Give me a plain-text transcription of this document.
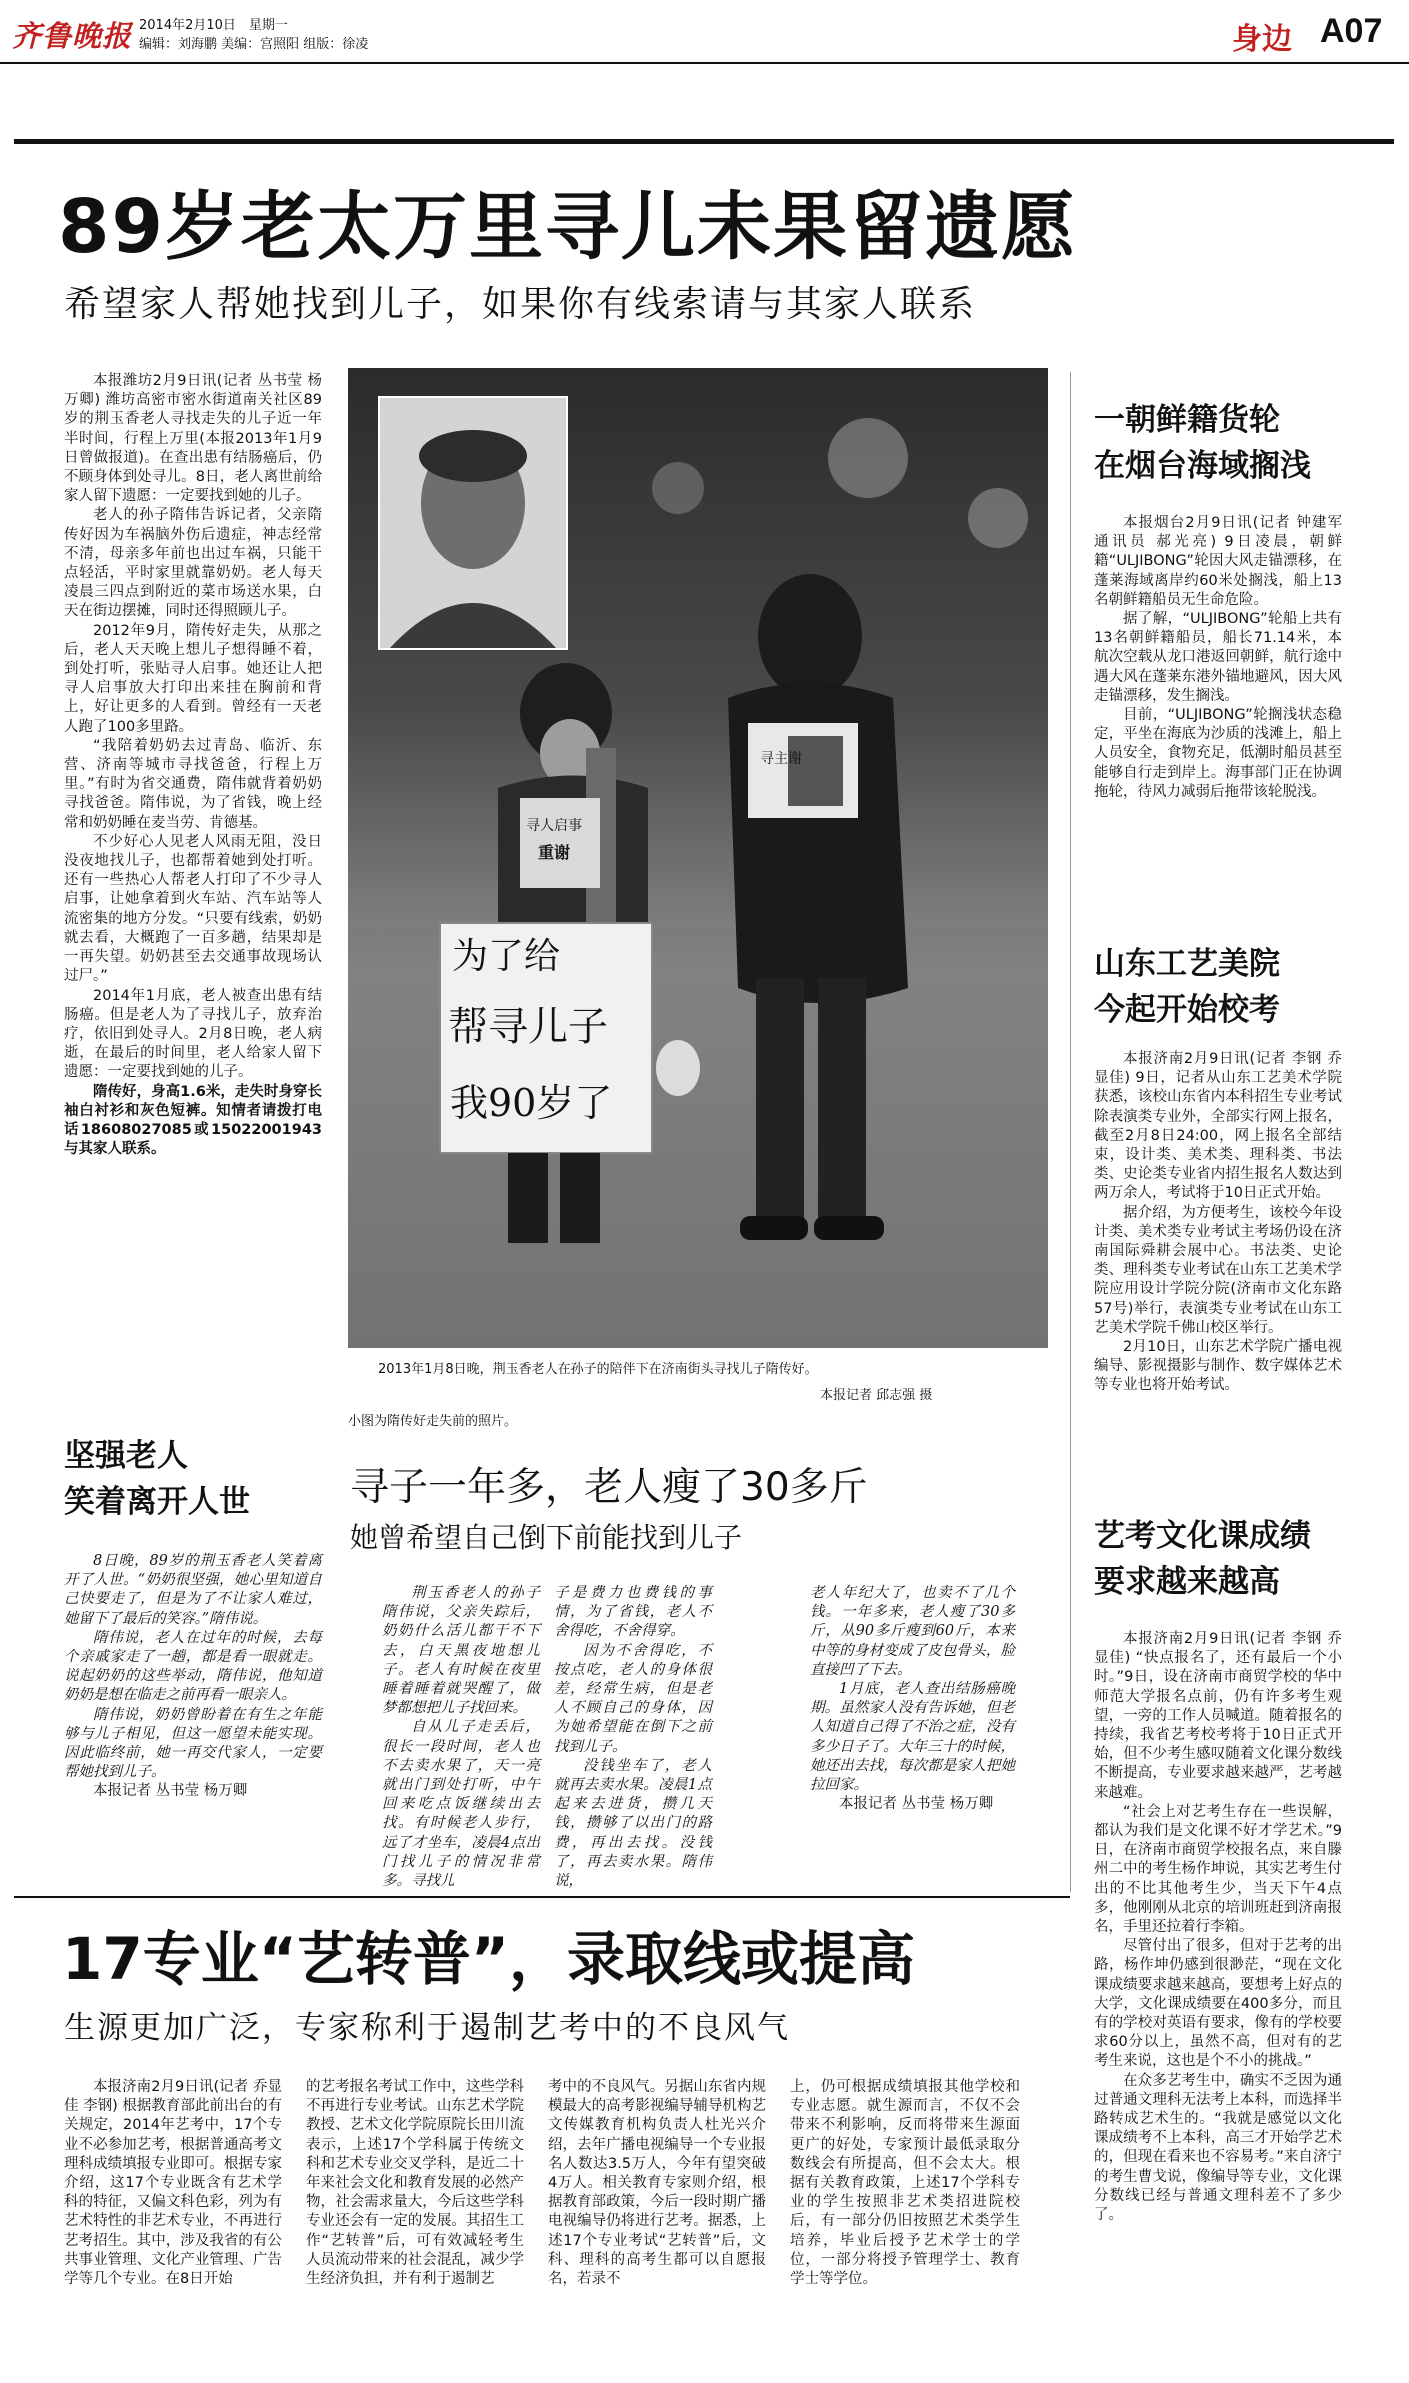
齐鲁晚报 2014年2月10日　 星期一
编辑：刘海鹏 美编：宫照阳 组版：徐凌	身边 A07
89岁老太万里寻儿未果留遗愿
希望家人帮她找到儿子，如果你有线索请与其家人联系

本报潍坊2月9日讯(记者 丛书莹 杨万卿) 潍坊高密市密水街道南关社区89岁的荆玉香老人寻找走失的儿子近一年半时间，行程上万里(本报2013年1月9日曾做报道)。在查出患有结肠癌后，仍不顾身体到处寻儿。8日，老人离世前给家人留下遗愿：一定要找到她的儿子。

老人的孙子隋伟告诉记者，父亲隋传好因为车祸脑外伤后遗症，神志经常不清，母亲多年前也出过车祸，只能干点轻活，平时家里就靠奶奶。老人每天凌晨三四点到附近的菜市场送水果，白天在街边摆摊，同时还得照顾儿子。

2012年9月，隋传好走失，从那之后，老人天天晚上想儿子想得睡不着，到处打听，张贴寻人启事。她还让人把寻人启事放大打印出来挂在胸前和背上，好让更多的人看到。曾经有一天老人跑了100多里路。

“我陪着奶奶去过青岛、临沂、东营、济南等城市寻找爸爸，行程上万里。”有时为省交通费，隋伟就背着奶奶寻找爸爸。隋伟说，为了省钱，晚上经常和奶奶睡在麦当劳、肯德基。

不少好心人见老人风雨无阻，没日没夜地找儿子，也都帮着她到处打听。还有一些热心人帮老人打印了不少寻人启事，让她拿着到火车站、汽车站等人流密集的地方分发。“只要有线索，奶奶就去看，大概跑了一百多趟，结果却是一再失望。奶奶甚至去交通事故现场认过尸。”

2014年1月底，老人被查出患有结肠癌。但是老人为了寻找儿子，放弃治疗，依旧到处寻人。2月8日晚，老人病逝，在最后的时间里，老人给家人留下遗愿：一定要找到她的儿子。

隋传好，身高1.6米，走失时身穿长袖白衬衫和灰色短裤。知情者请拨打电话18608027085或15022001943与其家人联系。

寻主谢
寻人启事
重谢
为了给
帮寻儿子
我90岁了
2013年1月8日晚，荆玉香老人在孙子的陪伴下在济南街头寻找儿子隋传好。
本报记者 邱志强 摄
小图为隋传好走失前的照片。
坚强老人
笑着离开人世

8日晚，89岁的荆玉香老人笑着离开了人世。“奶奶很坚强，她心里知道自己快要走了，但是为了不让家人难过，她留下了最后的笑容。”隋伟说。

隋伟说，老人在过年的时候，去每个亲戚家走了一趟，都是看一眼就走。说起奶奶的这些举动，隋伟说，他知道奶奶是想在临走之前再看一眼亲人。

隋伟说，奶奶曾盼着在有生之年能够与儿子相见，但这一愿望未能实现。因此临终前，她一再交代家人，一定要帮她找到儿子。

本报记者 丛书莹 杨万卿

寻子一年多，老人瘦了30多斤
她曾希望自己倒下前能找到儿子

荆玉香老人的孙子隋伟说，父亲失踪后，奶奶什么活儿都干不下去，白天黑夜地想儿子。老人有时候在夜里睡着睡着就哭醒了，做梦都想把儿子找回来。

自从儿子走丢后，很长一段时间，老人也不去卖水果了，天一亮就出门到处打听，中午回来吃点饭继续出去找。有时候老人步行，远了才坐车，凌晨4点出门找儿子的情况非常多。寻找儿

子是费力也费钱的事情，为了省钱，老人不舍得吃，不舍得穿。

因为不舍得吃，不按点吃，老人的身体很差，经常生病，但是老人不顾自己的身体，因为她希望能在倒下之前找到儿子。

没钱坐车了，老人就再去卖水果。凌晨1点起来去进货，攒几天钱，攒够了以出门的路费，再出去找。没钱了，再去卖水果。隋伟说，

老人年纪大了，也卖不了几个钱。一年多来，老人瘦了30多斤，从90多斤瘦到60斤，本来中等的身材变成了皮包骨头，脸直接凹了下去。

1月底，老人查出结肠癌晚期。虽然家人没有告诉她，但老人知道自己得了不治之症，没有多少日子了。大年三十的时候，她还出去找，每次都是家人把她拉回家。

本报记者 丛书莹 杨万卿

一朝鲜籍货轮
在烟台海域搁浅

本报烟台2月9日讯(记者 钟建军 通讯员 郝光亮) 9日凌晨，朝鲜籍“ULJIBONG”轮因大风走锚漂移，在蓬莱海域离岸约60米处搁浅，船上13名朝鲜籍船员无生命危险。

据了解，“ULJIBONG”轮船上共有13名朝鲜籍船员，船长71.14米，本航次空载从龙口港返回朝鲜，航行途中遇大风在蓬莱东港外锚地避风，因大风走锚漂移，发生搁浅。

目前，“ULJIBONG”轮搁浅状态稳定，平坐在海底为沙质的浅滩上，船上人员安全，食物充足，低潮时船员甚至能够自行走到岸上。海事部门正在协调拖轮，待风力减弱后拖带该轮脱浅。

山东工艺美院
今起开始校考

本报济南2月9日讯(记者 李钢 乔显佳) 9日，记者从山东工艺美术学院获悉，该校山东省内本科招生专业考试除表演类专业外，全部实行网上报名，截至2月8日24:00，网上报名全部结束，设计类、美术类、理科类、书法类、史论类专业省内招生报名人数达到两万余人，考试将于10日正式开始。

据介绍，为方便考生，该校今年设计类、美术类专业考试主考场仍设在济南国际舜耕会展中心。书法类、史论类、理科类专业考试在山东工艺美术学院应用设计学院分院(济南市文化东路57号)举行，表演类专业考试在山东工艺美术学院千佛山校区举行。

2月10日，山东艺术学院广播电视编导、影视摄影与制作、数字媒体艺术等专业也将开始考试。

艺考文化课成绩
要求越来越高

本报济南2月9日讯(记者 李钢 乔显佳) “快点报名了，还有最后一个小时。”9日，设在济南市商贸学校的华中师范大学报名点前，仍有许多考生观望，一旁的工作人员喊道。随着报名的持续，我省艺考校考将于10日正式开始，但不少考生感叹随着文化课分数线不断提高，专业要求越来越严，艺考越来越难。

“社会上对艺考生存在一些误解，都认为我们是文化课不好才学艺术。”9日，在济南市商贸学校报名点，来自滕州二中的考生杨作坤说，其实艺考生付出的不比其他考生少，当天下午4点多，他刚刚从北京的培训班赶到济南报名，手里还拉着行李箱。

尽管付出了很多，但对于艺考的出路，杨作坤仍感到很渺茫，“现在文化课成绩要求越来越高，要想考上好点的大学，文化课成绩要在400多分，而且有的学校对英语有要求，像有的学校要求60分以上，虽然不高，但对有的艺考生来说，这也是个不小的挑战。”

在众多艺考生中，确实不乏因为通过普通文理科无法考上本科，而选择半路转成艺术生的。“我就是感觉以文化课成绩考不上本科，高三才开始学艺术的，但现在看来也不容易考。”来自济宁的考生曹戈说，像编导等专业，文化课分数线已经与普通文理科差不了多少了。

17专业“艺转普”，录取线或提高
生源更加广泛，专家称利于遏制艺考中的不良风气

本报济南2月9日讯(记者 乔显佳 李钢) 根据教育部此前出台的有关规定，2014年艺考中，17个专业不必参加艺考，根据普通高考文理科成绩填报专业即可。根据专家介绍，这17个专业既含有艺术学科的特征，又偏文科色彩，列为有艺术特性的非艺术专业，不再进行艺考招生。其中，涉及我省的有公共事业管理、文化产业管理、广告学等几个专业。在8日开始

的艺考报名考试工作中，这些学科不再进行专业考试。山东艺术学院教授、艺术文化学院原院长田川流表示，上述17个学科属于传统文科和艺术专业交叉学科，是近二十年来社会文化和教育发展的必然产物，社会需求量大，今后这些学科专业还会有一定的发展。其招生工作“艺转普”后，可有效减轻考生人员流动带来的社会混乱，减少学生经济负担，并有利于遏制艺

考中的不良风气。另据山东省内规模最大的高考影视编导辅导机构艺文传媒教育机构负责人杜光兴介绍，去年广播电视编导一个专业报名人数达3.5万人，今年有望突破4万人。相关教育专家则介绍，根据教育部政策，今后一段时期广播电视编导仍将进行艺考。据悉，上述17个专业考试“艺转普”后，文科、理科的高考生都可以自愿报名，若录不

上，仍可根据成绩填报其他学校和专业志愿。就生源而言，不仅不会带来不利影响，反而将带来生源面更广的好处，专家预计最低录取分数线会有所提高，但不会太大。根据有关教育政策，上述17个学科专业的学生按照非艺术类招进院校后，有一部分仍旧按照艺术类学生培养，毕业后授予艺术学士的学位，一部分将授予管理学士、教育学士等学位。
